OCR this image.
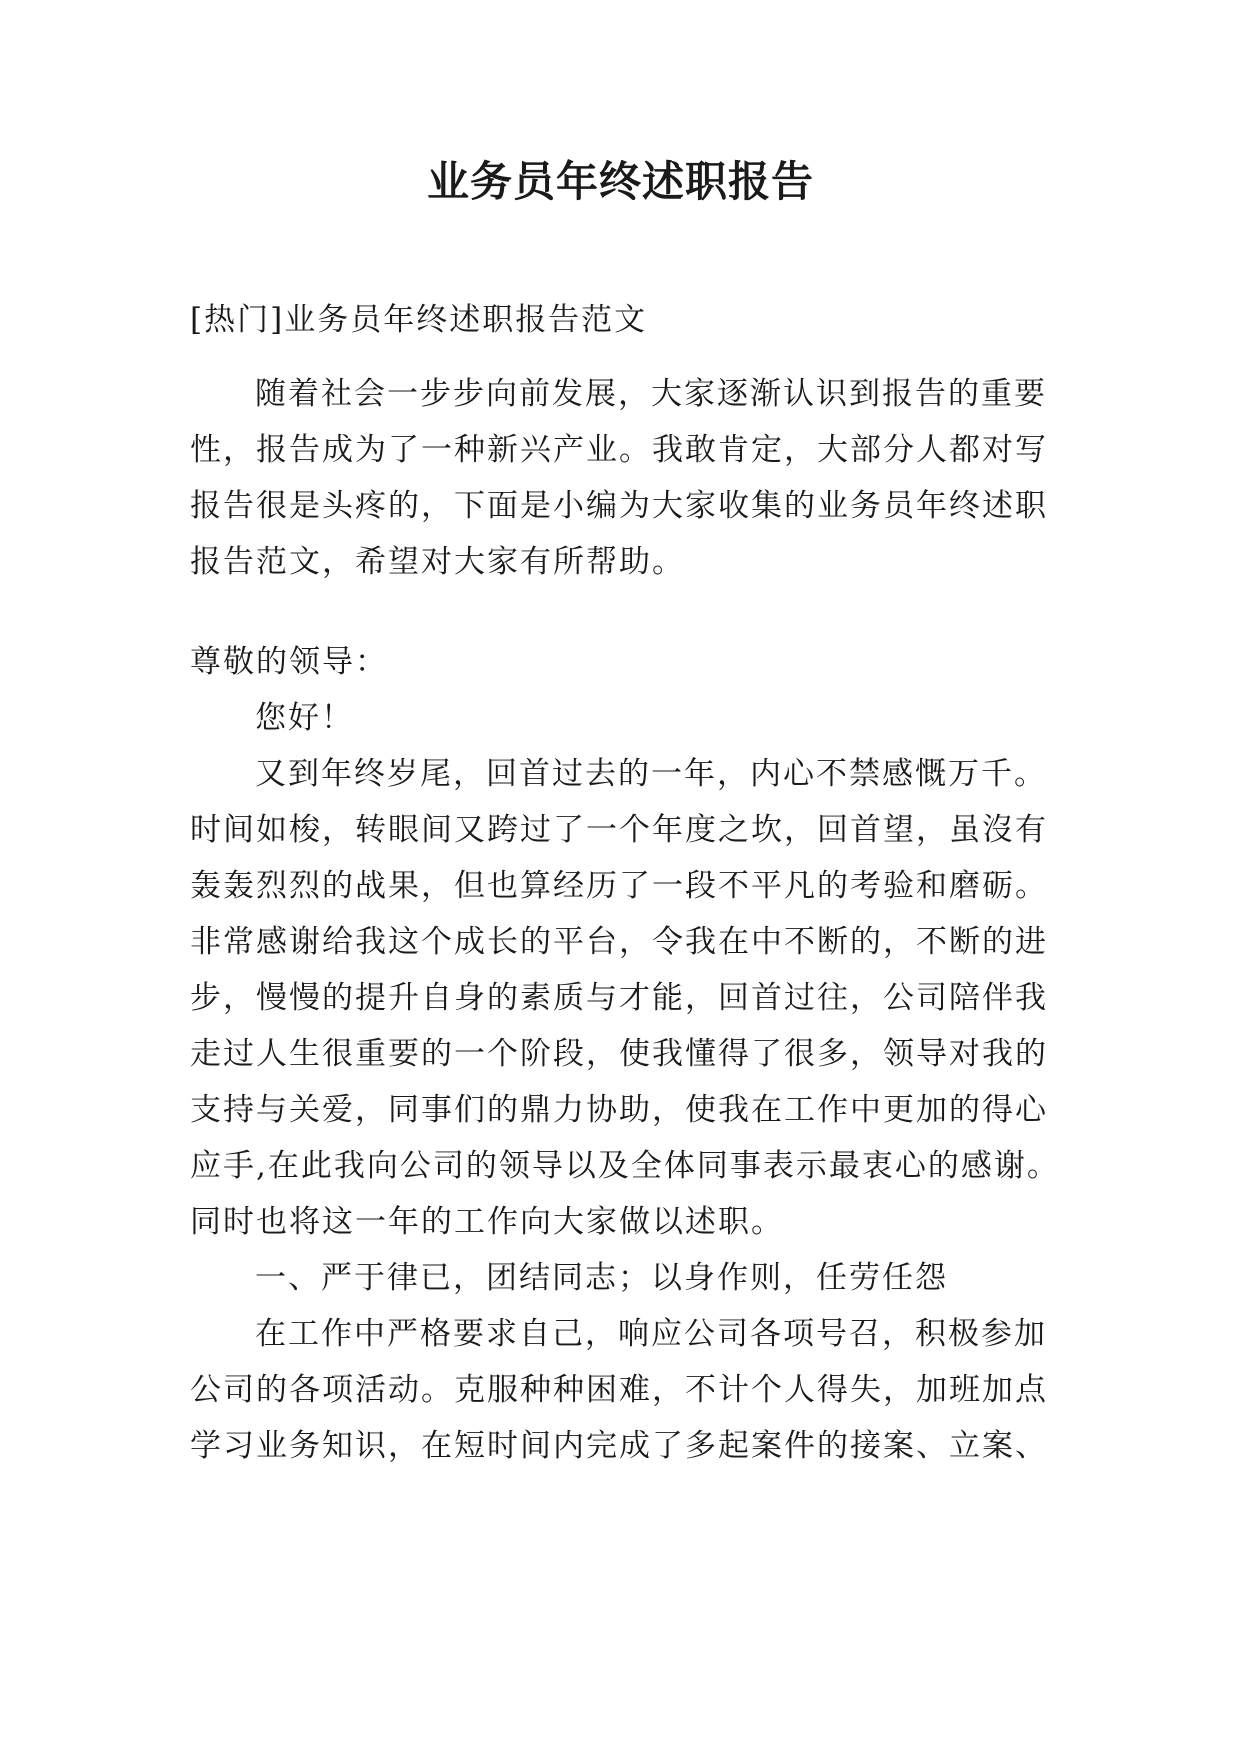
业务员年终述职报告

[热门]业务员年终述职报告范文

随着社会一步步向前发展，大家逐渐认识到报告的重要

性，报告成为了一种新兴产业。我敢肯定，大部分人都对写

报告很是头疼的，下面是小编为大家收集的业务员年终述职

报告范文，希望对大家有所帮助。

尊敬的领导：

您好！

又到年终岁尾，回首过去的一年，内心不禁感慨万千。

时间如梭，转眼间又跨过了一个年度之坎，回首望，虽沒有

轰轰烈烈的战果，但也算经历了一段不平凡的考验和磨砺。

非常感谢给我这个成长的平台，令我在中不断的，不断的进

步，慢慢的提升自身的素质与才能，回首过往，公司陪伴我

走过人生很重要的一个阶段，使我懂得了很多，领导对我的

支持与关爱，同事们的鼎力协助，使我在工作中更加的得心

应手,在此我向公司的领导以及全体同事表示最衷心的感谢。

同时也将这一年的工作向大家做以述职。

一、严于律已，团结同志；以身作则，任劳任怨

在工作中严格要求自己，响应公司各项号召，积极参加

公司的各项活动。克服种种困难，不计个人得失，加班加点

学习业务知识，在短时间内完成了多起案件的接案、立案、
